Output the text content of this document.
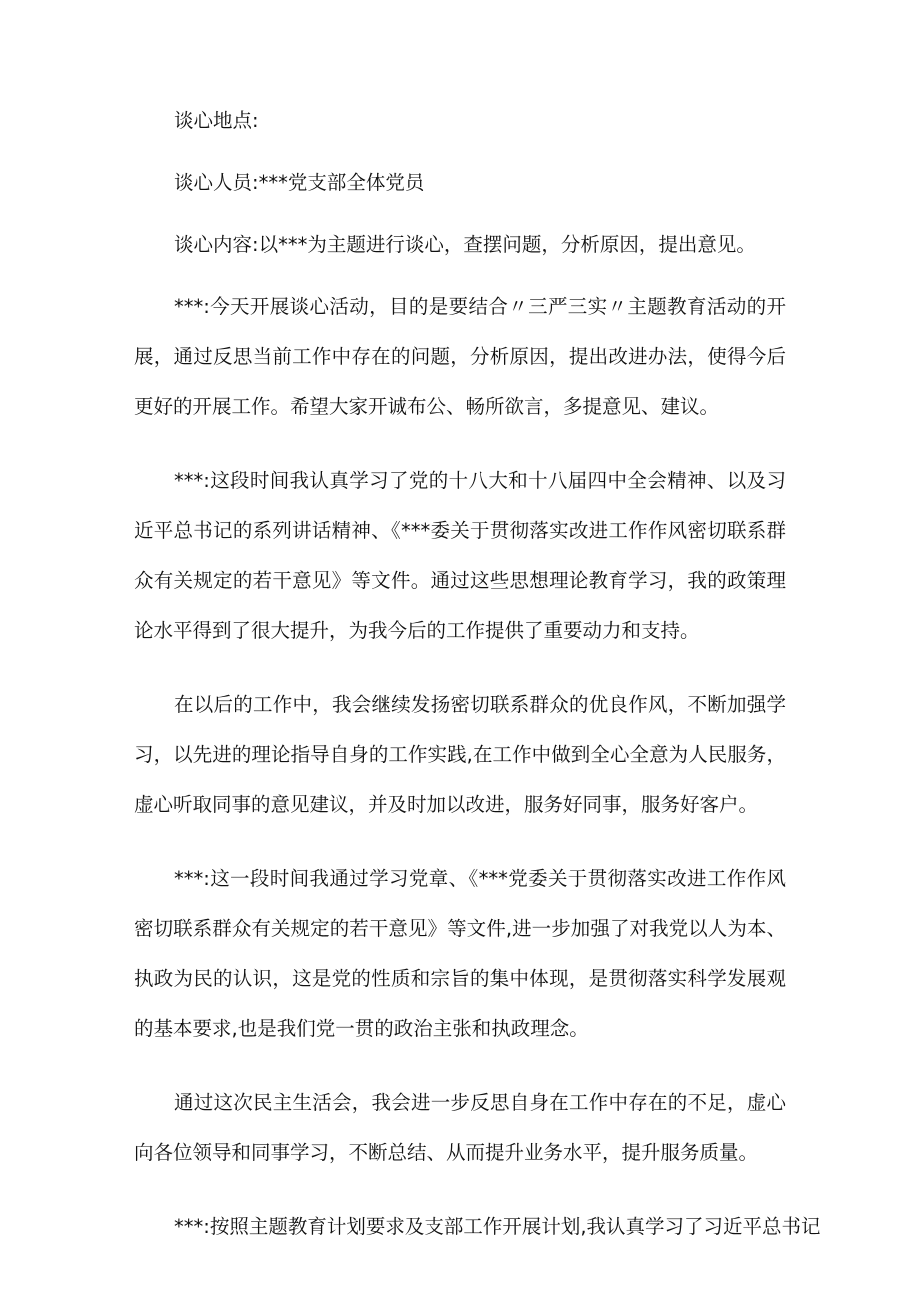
谈心地点:

谈心人员:***党支部全体党员

谈心内容:以***为主题进行谈心，查摆问题，分析原因，提出意见。

***:今天开展谈心活动，目的是要结合〃三严三实〃主题教育活动的开展，通过反思当前工作中存在的问题，分析原因，提出改进办法，使得今后更好的开展工作。希望大家开诚布公、畅所欲言，多提意见、建议。

***:这段时间我认真学习了党的十八大和十八届四中全会精神、以及习近平总书记的系列讲话精神、《***委关于贯彻落实改进工作作风密切联系群众有关规定的若干意见》等文件。通过这些思想理论教育学习，我的政策理论水平得到了很大提升，为我今后的工作提供了重要动力和支持。

在以后的工作中，我会继续发扬密切联系群众的优良作风，不断加强学习，以先进的理论指导自身的工作实践,在工作中做到全心全意为人民服务，虚心听取同事的意见建议，并及时加以改进，服务好同事，服务好客户。

***:这一段时间我通过学习党章、《***党委关于贯彻落实改进工作作风密切联系群众有关规定的若干意见》等文件,进一步加强了对我党以人为本、执政为民的认识，这是党的性质和宗旨的集中体现，是贯彻落实科学发展观的基本要求,也是我们党一贯的政治主张和执政理念。

通过这次民主生活会，我会进一步反思自身在工作中存在的不足，虚心向各位领导和同事学习，不断总结、从而提升业务水平，提升服务质量。

***:按照主题教育计划要求及支部工作开展计划,我认真学习了习近平总书记
